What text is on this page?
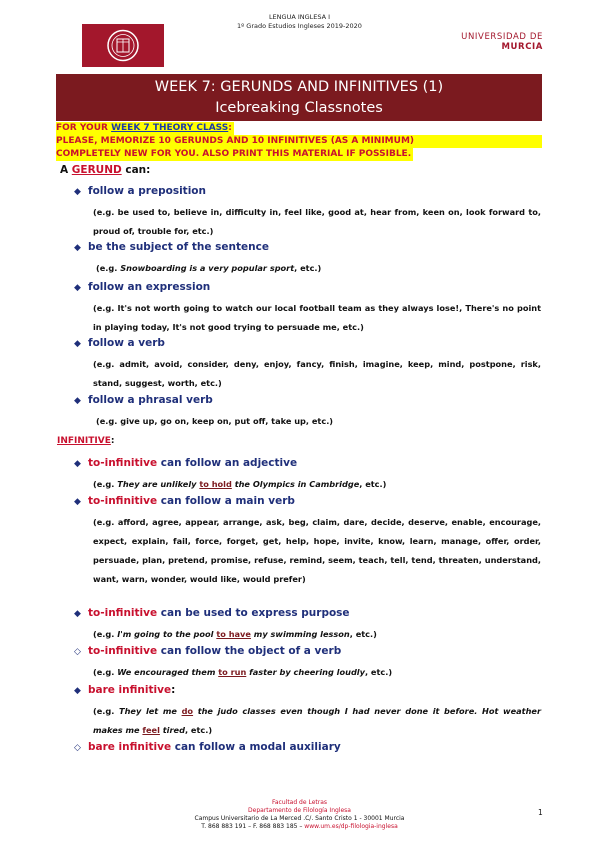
LENGUA INGLESA I
1º Grado Estudios Ingleses 2019-2020
UNIVERSIDAD DE
MURCIA
WEEK 7: GERUNDS AND INFINITIVES (1)
Icebreaking Classnotes
FOR YOUR WEEK 7 THEORY CLASS:
PLEASE, MEMORIZE 10 GERUNDS AND 10 INFINITIVES (AS A MINIMUM)
COMPLETELY NEW FOR YOU. ALSO PRINT THIS MATERIAL IF POSSIBLE.
A GERUND can:
◆ follow a preposition
(e.g. be used to, believe in, difficulty in, feel like, good at, hear from, keen on, look forward to, proud of, trouble for, etc.)
◆ be the subject of the sentence
(e.g. Snowboarding is a very popular sport, etc.)
◆ follow an expression
(e.g. It's not worth going to watch our local football team as they always lose!, There's no point in playing today, It's not good trying to persuade me, etc.)
◆ follow a verb
(e.g. admit, avoid, consider, deny, enjoy, fancy, finish, imagine, keep, mind, postpone, risk, stand, suggest, worth, etc.)
◆ follow a phrasal verb
(e.g. give up, go on, keep on, put off, take up, etc.)
INFINITIVE:
◆ to-infinitive can follow an adjective
(e.g. They are unlikely to hold the Olympics in Cambridge, etc.)
◆ to-infinitive can follow a main verb
(e.g. afford, agree, appear, arrange, ask, beg, claim, dare, decide, deserve, enable, encourage, expect, explain, fail, force, forget, get, help, hope, invite, know, learn, manage, offer, order, persuade, plan, pretend, promise, refuse, remind, seem, teach, tell, tend, threaten, understand, want, warn, wonder, would like, would prefer)
◆ to-infinitive can be used to express purpose
(e.g. I'm going to the pool to have my swimming lesson, etc.)
◇ to-infinitive can follow the object of a verb
(e.g. We encouraged them to run faster by cheering loudly, etc.)
◆ bare infinitive:
(e.g. They let me do the judo classes even though I had never done it before. Hot weather makes me feel tired, etc.)
◇ bare infinitive can follow a modal auxiliary
Facultad de Letras
Departamento de Filología Inglesa
Campus Universitario de La Merced .C/. Santo Cristo 1 - 30001 Murcia
T. 868 883 191 – F. 868 883 185 – www.um.es/dp-filologia-inglesa
1
